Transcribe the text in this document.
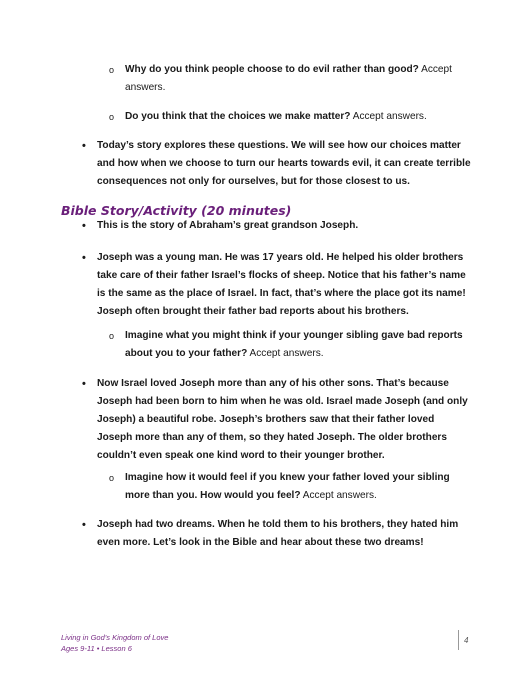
o Why do you think people choose to do evil rather than good? Accept answers.
o Do you think that the choices we make matter? Accept answers.
• Today’s story explores these questions. We will see how our choices matter and how when we choose to turn our hearts towards evil, it can create terrible consequences not only for ourselves, but for those closest to us.
Bible Story/Activity (20 minutes)
• This is the story of Abraham’s great grandson Joseph.
• Joseph was a young man. He was 17 years old. He helped his older brothers take care of their father Israel’s flocks of sheep. Notice that his father’s name is the same as the place of Israel. In fact, that’s where the place got its name! Joseph often brought their father bad reports about his brothers.
o Imagine what you might think if your younger sibling gave bad reports about you to your father? Accept answers.
• Now Israel loved Joseph more than any of his other sons. That’s because Joseph had been born to him when he was old. Israel made Joseph (and only Joseph) a beautiful robe. Joseph’s brothers saw that their father loved Joseph more than any of them, so they hated Joseph. The older brothers couldn’t even speak one kind word to their younger brother.
o Imagine how it would feel if you knew your father loved your sibling more than you. How would you feel? Accept answers.
• Joseph had two dreams. When he told them to his brothers, they hated him even more. Let’s look in the Bible and hear about these two dreams!
Living in God’s Kingdom of Love
Ages 9-11 • Lesson 6
4
